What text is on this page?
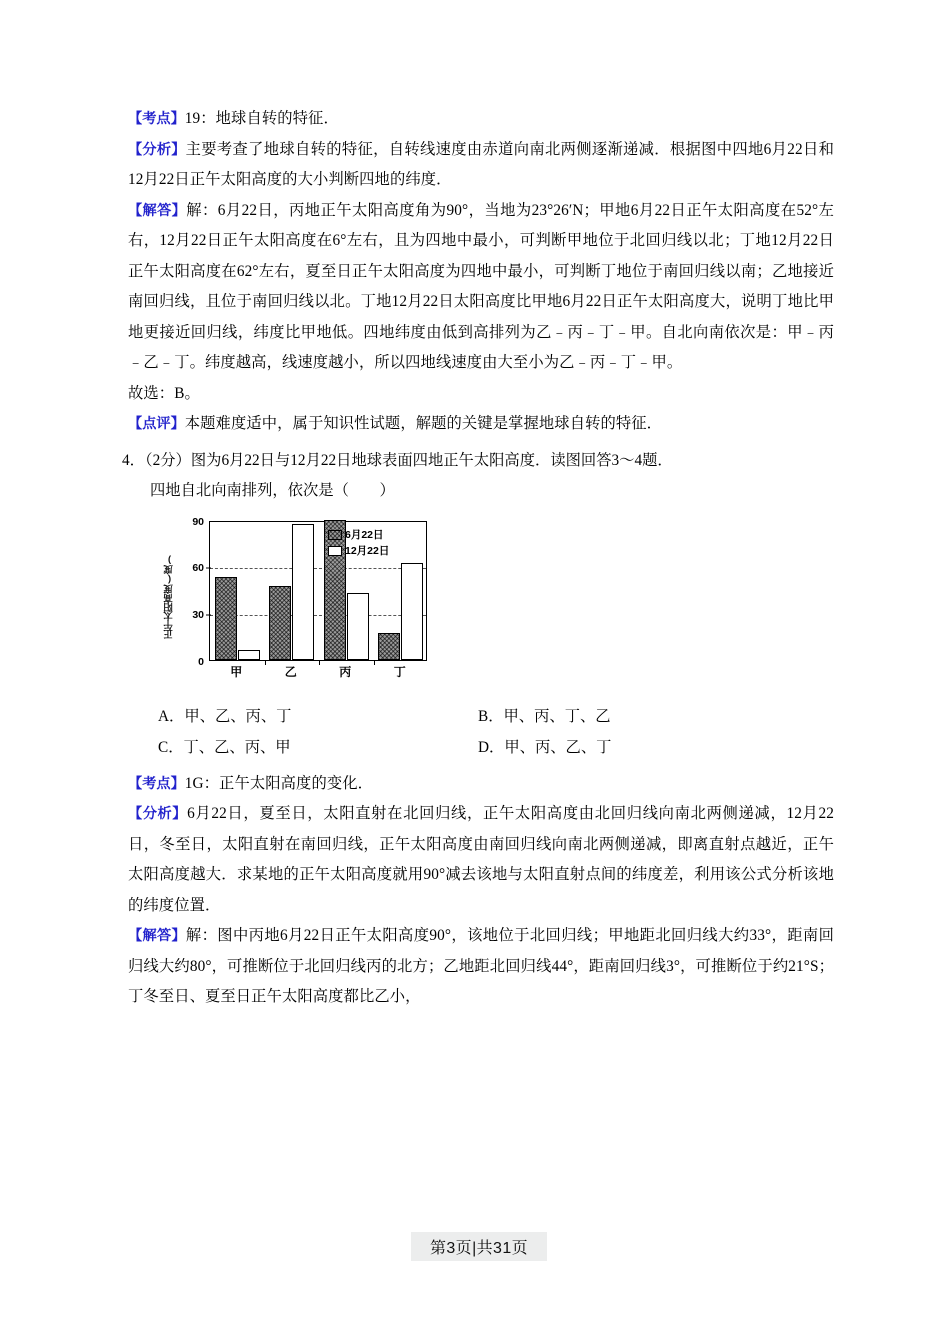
【考点】19：地球自转的特征．

【分析】主要考查了地球自转的特征，自转线速度由赤道向南北两侧逐渐递减．根据图中四地6月22日和12月22日正午太阳高度的大小判断四地的纬度．

【解答】解：6月22日，丙地正午太阳高度角为90°，当地为23°26′N；甲地6月22日正午太阳高度在52°左右，12月22日正午太阳高度在6°左右，且为四地中最小，可判断甲地位于北回归线以北；丁地12月22日正午太阳高度在62°左右，夏至日正午太阳高度为四地中最小，可判断丁地位于南回归线以南；乙地接近南回归线，且位于南回归线以北。丁地12月22日太阳高度比甲地6月22日正午太阳高度大，说明丁地比甲地更接近回归线，纬度比甲地低。四地纬度由低到高排列为乙﹣丙﹣丁﹣甲。自北向南依次是：甲﹣丙﹣乙﹣丁。纬度越高，线速度越小，所以四地线速度由大至小为乙﹣丙﹣丁﹣甲。

故选：B。

【点评】本题难度适中，属于知识性试题，解题的关键是掌握地球自转的特征．

4．（2分）图为6月22日与12月22日地球表面四地正午太阳高度．读图回答3～4题．
四地自北向南排列，依次是（　　）
正午太阳高度(度)
6月22日
12月22日
0
30
60
90
甲	乙	丙	丁
A．甲、乙、丙、丁	B．甲、丙、丁、乙
C．丁、乙、丙、甲	D．甲、丙、乙、丁

【考点】1G：正午太阳高度的变化．

【分析】6月22日，夏至日，太阳直射在北回归线，正午太阳高度由北回归线向南北两侧递减，12月22日，冬至日，太阳直射在南回归线，正午太阳高度由南回归线向南北两侧递减，即离直射点越近，正午太阳高度越大．求某地的正午太阳高度就用90°减去该地与太阳直射点间的纬度差，利用该公式分析该地的纬度位置．

【解答】解：图中丙地6月22日正午太阳高度90°，该地位于北回归线；甲地距北回归线大约33°，距南回归线大约80°，可推断位于北回归线丙的北方；乙地距北回归线44°，距南回归线3°，可推断位于约21°S；丁冬至日、夏至日正午太阳高度都比乙小，

第3页|共31页
